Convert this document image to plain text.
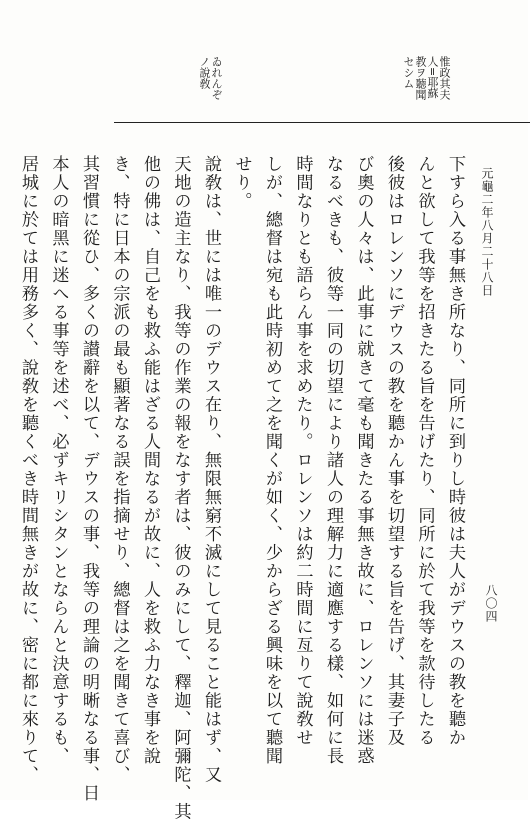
惟政其夫
人=耶蘇
教ヲ聽聞
セシム
ゐれんぞ
ノ說敎
元龜二年八月二十八日
八〇四
下すら入る事無き所なり、同所に到りし時彼は夫人がデウスの教を聽か
んと欲して我等を招きたる旨を告げたり、同所に於て我等を款待したる
後彼はロレンソにデウスの教を聽かん事を切望する旨を告げ、其妻子及
び奧の人々は、此事に就きて毫も聞きたる事無き故に、ロレンソには迷惑
なるべきも、彼等一同の切望により諸人の理解力に適應する樣、如何に長
時間なりとも語らん事を求めたり。ロレンソは約二時間に亙りて說敎せ
しが、總督は宛も此時初めて之を聞くが如く、少からざる興味を以て聽聞
せり。
說敎は、世には唯一のデウス在り、無限無窮不滅にして見ること能はず、又
天地の造主なり、我等の作業の報をなす者は、彼のみにして、釋迦、阿彌陀、其
他の佛は、自己をも救ふ能はざる人間なるが故に、人を救ふ力なき事を說
き、特に日本の宗派の最も顯著なる誤を指摘せり、總督は之を聞きて喜び、
其習慣に從ひ、多くの讃辭を以て、デウスの事、我等の理論の明晰なる事、日
本人の暗黑に迷へる事等を述べ、必ずキリシタンとならんと決意するも、
居城に於ては用務多く、說敎を聽くべき時間無きが故に、密に都に來りて、
